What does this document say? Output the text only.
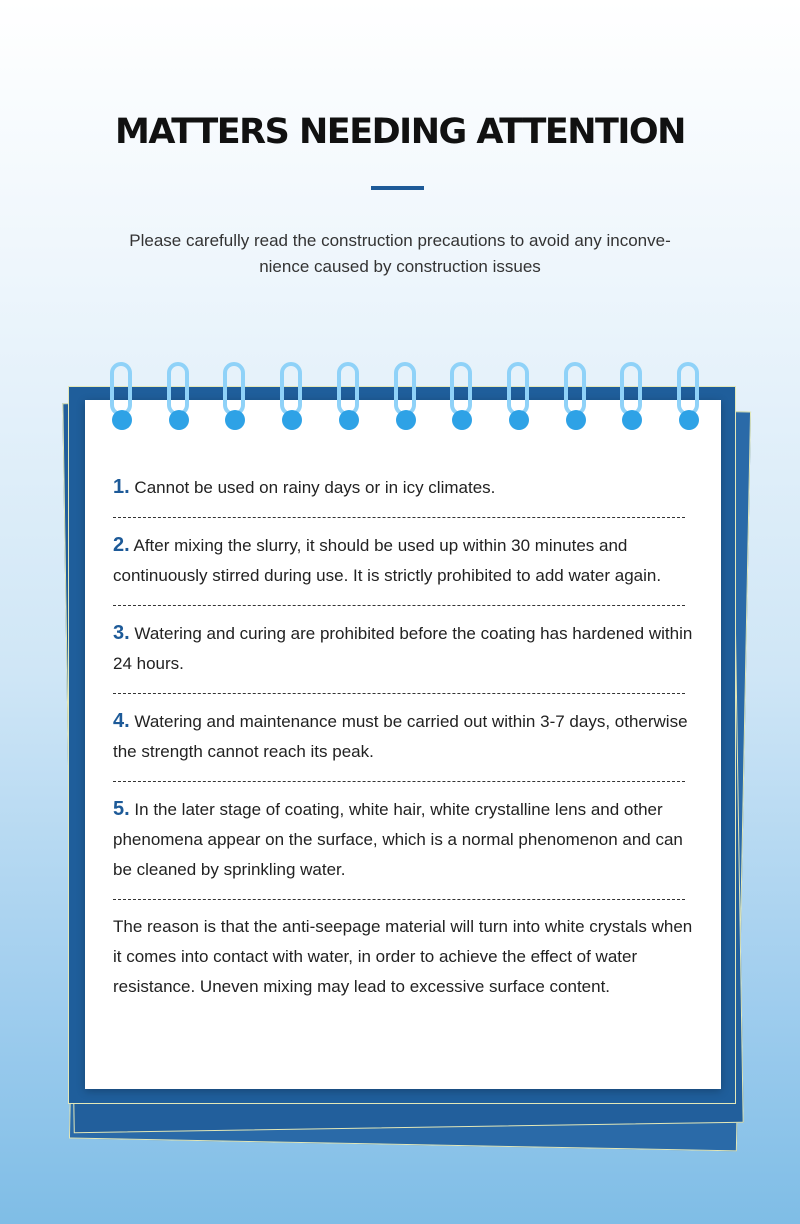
MATTERS NEEDING ATTENTION

Please carefully read the construction precautions to avoid any inconve-
nience caused by construction issues

1. Cannot be used on rainy days or in icy climates.

2. After mixing the slurry, it should be used up within 30 minutes and continuously stirred during use. It is strictly prohibited to add water again.

3. Watering and curing are prohibited before the coating has hardened within 24 hours.

4. Watering and maintenance must be carried out within 3-7 days, otherwise the strength cannot reach its peak.

5. In the later stage of coating, white hair, white crystalline lens and other phenomena appear on the surface, which is a normal phenomenon and can be cleaned by sprinkling water.

The reason is that the anti-seepage material will turn into white crystals when it comes into contact with water, in order to achieve the effect of water resistance. Uneven mixing may lead to excessive surface content.
